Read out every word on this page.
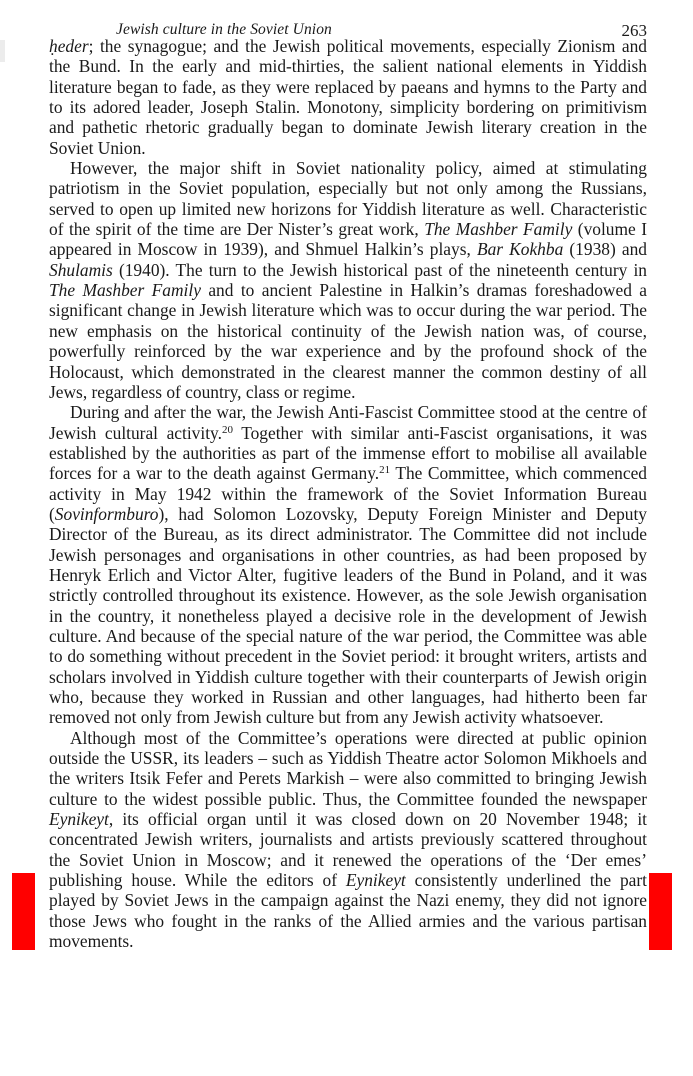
Jewish culture in the Soviet Union	263

ḥeder; the synagogue; and the Jewish political movements, especially Zionism and the Bund. In the early and mid-thirties, the salient national elements in Yiddish literature began to fade, as they were replaced by paeans and hymns to the Party and to its adored leader, Joseph Stalin. Monotony, simplicity bordering on primitivism and pathetic rhetoric gradually began to dominate Jewish literary creation in the Soviet Union.

However, the major shift in Soviet nationality policy, aimed at stimulating patriotism in the Soviet population, especially but not only among the Russians, served to open up limited new horizons for Yiddish literature as well. Characteristic of the spirit of the time are Der Nister’s great work, The Mashber Family (volume I appeared in Moscow in 1939), and Shmuel Halkin’s plays, Bar Kokhba (1938) and Shulamis (1940). The turn to the Jewish historical past of the nineteenth century in The Mashber Family and to ancient Palestine in Halkin’s dramas foreshadowed a significant change in Jewish literature which was to occur during the war period. The new emphasis on the historical continuity of the Jewish nation was, of course, powerfully reinforced by the war experience and by the profound shock of the Holocaust, which demonstrated in the clearest manner the common destiny of all Jews, regardless of country, class or regime.

During and after the war, the Jewish Anti-Fascist Committee stood at the centre of Jewish cultural activity.$^{20}$ Together with similar anti-Fascist organisations, it was established by the authorities as part of the immense effort to mobilise all available forces for a war to the death against Germany.$^{21}$ The Committee, which commenced activity in May 1942 within the framework of the Soviet Information Bureau (Sovinformburo), had Solomon Lozovsky, Deputy Foreign Minister and Deputy Director of the Bureau, as its direct administrator. The Committee did not include Jewish personages and organisations in other countries, as had been proposed by Henryk Erlich and Victor Alter, fugitive leaders of the Bund in Poland, and it was strictly controlled throughout its existence. However, as the sole Jewish organisation in the country, it nonetheless played a decisive role in the development of Jewish culture. And because of the special nature of the war period, the Committee was able to do something without precedent in the Soviet period: it brought writers, artists and scholars involved in Yiddish culture together with their counterparts of Jewish origin who, because they worked in Russian and other languages, had hitherto been far removed not only from Jewish culture but from any Jewish activity whatsoever.

Although most of the Committee’s operations were directed at public opinion outside the USSR, its leaders – such as Yiddish Theatre actor Solomon Mikhoels and the writers Itsik Fefer and Perets Markish – were also committed to bringing Jewish culture to the widest possible public. Thus, the Committee founded the newspaper Eynikeyt, its official organ until it was closed down on 20 November 1948; it concentrated Jewish writers, journalists and artists previously scattered throughout the Soviet Union in Moscow; and it renewed the operations of the ‘Der emes’ publishing house. While the editors of Eynikeyt consistently underlined the part played by Soviet Jews in the campaign against the Nazi enemy, they did not ignore those Jews who fought in the ranks of the Allied armies and the various partisan movements.
